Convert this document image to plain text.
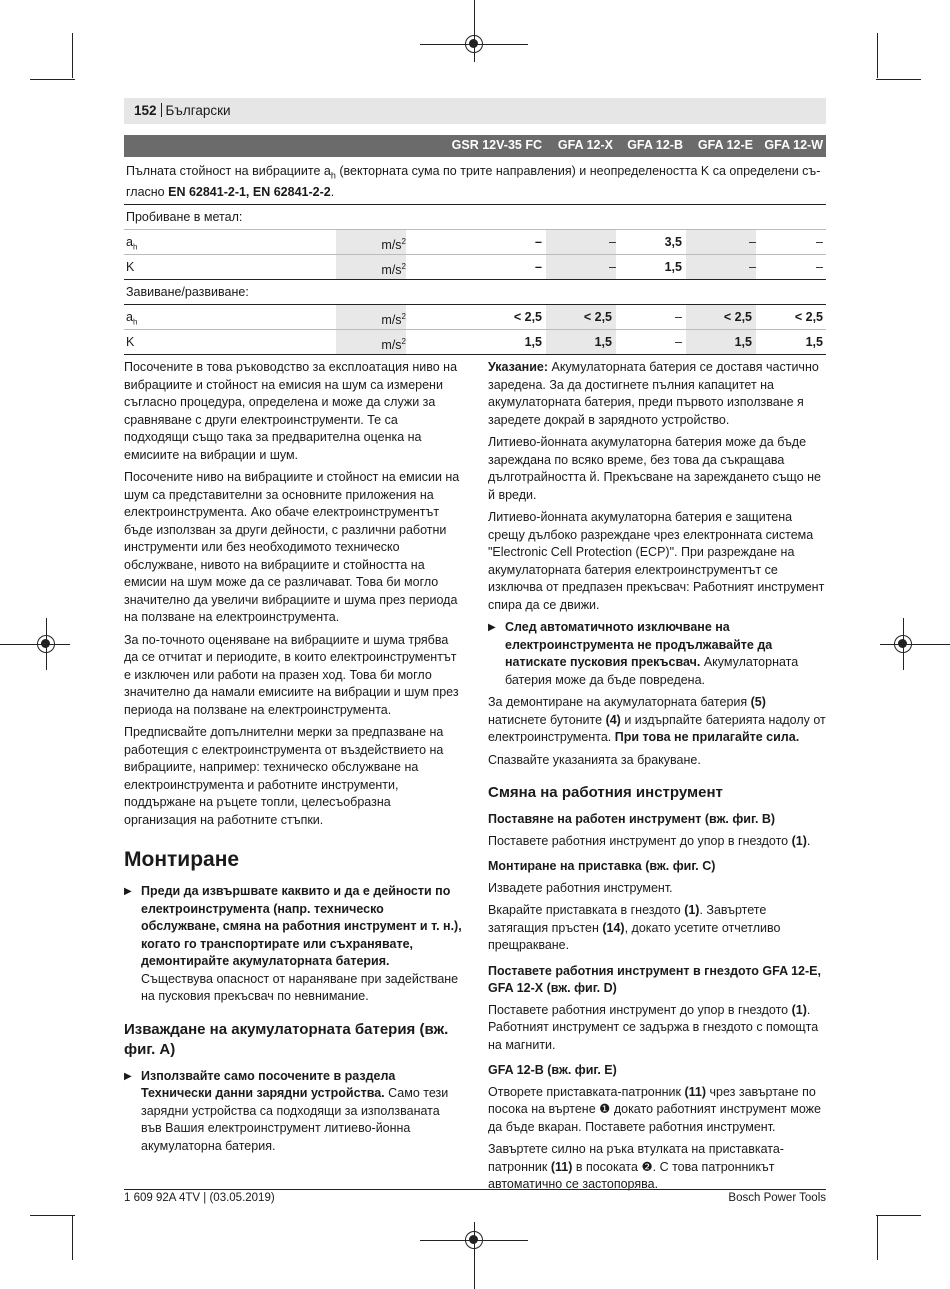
152 Български
GSR 12V-35 FC GFA 12-X GFA 12-B GFA 12-E GFA 12-W
Пълната стойност на вибрациите $a_h$ (векторната сума по трите направления) и неопределеността K са определени съ-
гласно EN 62841-2-1, EN 62841-2-2.
Пробиване в метал:
$a_h$	$m/s^2$	–	–	3,5	–	–
K	$m/s^2$	–	–	1,5	–	–
Завиване/развиване:
$a_h$	$m/s^2$	< 2,5	< 2,5	–	< 2,5	< 2,5
K	$m/s^2$	1,5	1,5	–	1,5	1,5

Посочените в това ръководство за експлоатация ниво на вибрациите и стойност на емисия на шум са измерени съгласно процедура, определена и може да служи за сравняване с други електроинструменти. Те са подходящи също така за предварителна оценка на емисиите на вибрации и шум.

Посочените ниво на вибрациите и стойност на емисии на шум са представителни за основните приложения на електроинструмента. Ако обаче електроинструментът бъде използван за други дейности, с различни работни инструменти или без необходимото техническо обслужване, нивото на вибрациите и стойността на емисии на шум може да се различават. Това би могло значително да увеличи вибрациите и шума през периода на ползване на електроинструмента.

За по-точното оценяване на вибрациите и шума трябва да се отчитат и периодите, в които електроинструментът е изключен или работи на празен ход. Това би могло значително да намали емисиите на вибрации и шум през периода на ползване на електроинструмента.

Предписвайте допълнителни мерки за предпазване на работещия с електроинструмента от въздействието на вибрациите, например: техническо обслужване на електроинструмента и работните инструменти, поддържане на ръцете топли, целесъобразна организация на работните стъпки.

Монтиране
▶ Преди да извършвате каквито и да е дейности по електроинструмента (напр. техническо обслужване, смяна на работния инструмент и т. н.), когато го транспортирате или съхранявате, демонтирайте акумулаторната батерия. Съществува опасност от нараняване при задействане на пусковия прекъсвач по невнимание.
Изваждане на акумулаторната батерия (вж. фиг. A)
▶ Използвайте само посочените в раздела Технически данни зарядни устройства. Само тези зарядни устройства са подходящи за използваната във Вашия електроинструмент литиево-йонна акумулаторна батерия.

Указание: Акумулаторната батерия се доставя частично заредена. За да достигнете пълния капацитет на акумулаторната батерия, преди първото използване я заредете докрай в зарядното устройство.

Литиево-йонната акумулаторна батерия може да бъде зареждана по всяко време, без това да съкращава дълготрайността й. Прекъсване на зареждането също не й вреди.

Литиево-йонната акумулаторна батерия е защитена срещу дълбоко разреждане чрез електронната система "Electronic Cell Protection (ECP)". При разреждане на акумулаторната батерия електроинструментът се изключва от предпазен прекъсвач: Работният инструмент спира да се движи.

▶ След автоматичното изключване на електроинструмента не продължавайте да натискате пусковия прекъсвач. Акумулаторната батерия може да бъде повредена.

За демонтиране на акумулаторната батерия (5) натиснете бутоните (4) и издърпайте батерията надолу от електроинструмента. При това не прилагайте сила.

Спазвайте указанията за бракуване.

Смяна на работния инструмент
Поставяне на работен инструмент (вж. фиг. B)

Поставете работния инструмент до упор в гнездото (1).

Монтиране на приставка (вж. фиг. C)

Извадете работния инструмент.

Вкарайте приставката в гнездото (1). Завъртете затягащия пръстен (14), докато усетите отчетливо прещракване.

Поставете работния инструмент в гнездото GFA 12-E, GFA 12-X (вж. фиг. D)

Поставете работния инструмент до упор в гнездото (1). Работният инструмент се задържа в гнездото с помощта на магнити.

GFA 12-B (вж. фиг. E)

Отворете приставката-патронник (11) чрез завъртане по посока на въртене ❶ докато работният инструмент може да бъде вкаран. Поставете работния инструмент.

Завъртете силно на ръка втулката на приставката-патронник (11) в посоката ❷. С това патронникът автоматично се застопорява.

1 609 92A 4TV | (03.05.2019)	Bosch Power Tools
